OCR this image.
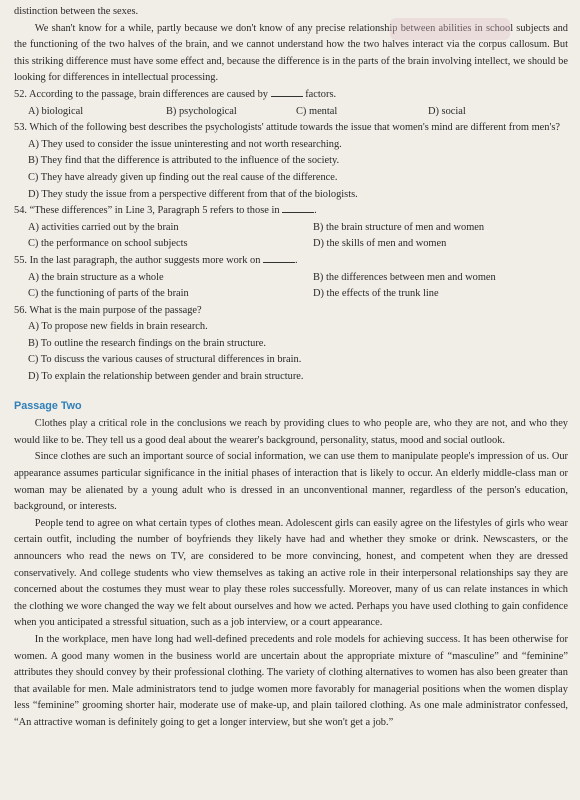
distinction between the sexes.

We shan't know for a while, partly because we don't know of any precise relationship between abilities in school subjects and the functioning of the two halves of the brain, and we cannot understand how the two halves interact via the corpus callosum. But this striking difference must have some effect and, because the difference is in the parts of the brain involving intellect, we should be looking for differences in intellectual processing.

52. According to the passage, brain differences are caused by	factors.
A) biological	B) psychological	C) mental	D) social

53. Which of the following best describes the psychologists' attitude towards the issue that women's mind are different from men's?

A) They used to consider the issue uninteresting and not worth researching.
B) They find that the difference is attributed to the influence of the society.
C) They have already given up finding out the real cause of the difference.
D) They study the issue from a perspective different from that of the biologists.
54. “These differences” in Line 3, Paragraph 5 refers to those in	.
A) activities carried out by the brain	B) the brain structure of men and women
C) the performance on school subjects	D) the skills of men and women
55. In the last paragraph, the author suggests more work on	.
A) the brain structure as a whole	B) the differences between men and women
C) the functioning of parts of the brain	D) the effects of the trunk line

56. What is the main purpose of the passage?

A) To propose new fields in brain research.
B) To outline the research findings on the brain structure.
C) To discuss the various causes of structural differences in brain.
D) To explain the relationship between gender and brain structure.
Passage Two

Clothes play a critical role in the conclusions we reach by providing clues to who people are, who they are not, and who they would like to be. They tell us a good deal about the wearer's background, personality, status, mood and social outlook.

Since clothes are such an important source of social information, we can use them to manipulate people's impression of us. Our appearance assumes particular significance in the initial phases of interaction that is likely to occur. An elderly middle-class man or woman may be alienated by a young adult who is dressed in an unconventional manner, regardless of the person's education, background, or interests.

People tend to agree on what certain types of clothes mean. Adolescent girls can easily agree on the lifestyles of girls who wear certain outfit, including the number of boyfriends they likely have had and whether they smoke or drink. Newscasters, or the announcers who read the news on TV, are considered to be more convincing, honest, and competent when they are dressed conservatively. And college students who view themselves as taking an active role in their interpersonal relationships say they are concerned about the costumes they must wear to play these roles successfully. Moreover, many of us can relate instances in which the clothing we wore changed the way we felt about ourselves and how we acted. Perhaps you have used clothing to gain confidence when you anticipated a stressful situation, such as a job interview, or a court appearance.

In the workplace, men have long had well-defined precedents and role models for achieving success. It has been otherwise for women. A good many women in the business world are uncertain about the appropriate mixture of “masculine” and “feminine” attributes they should convey by their professional clothing. The variety of clothing alternatives to women has also been greater than that available for men. Male administrators tend to judge women more favorably for managerial positions when the women display less “feminine” grooming shorter hair, moderate use of make-up, and plain tailored clothing. As one male administrator confessed, “An attractive woman is definitely going to get a longer interview, but she won't get a job.”
